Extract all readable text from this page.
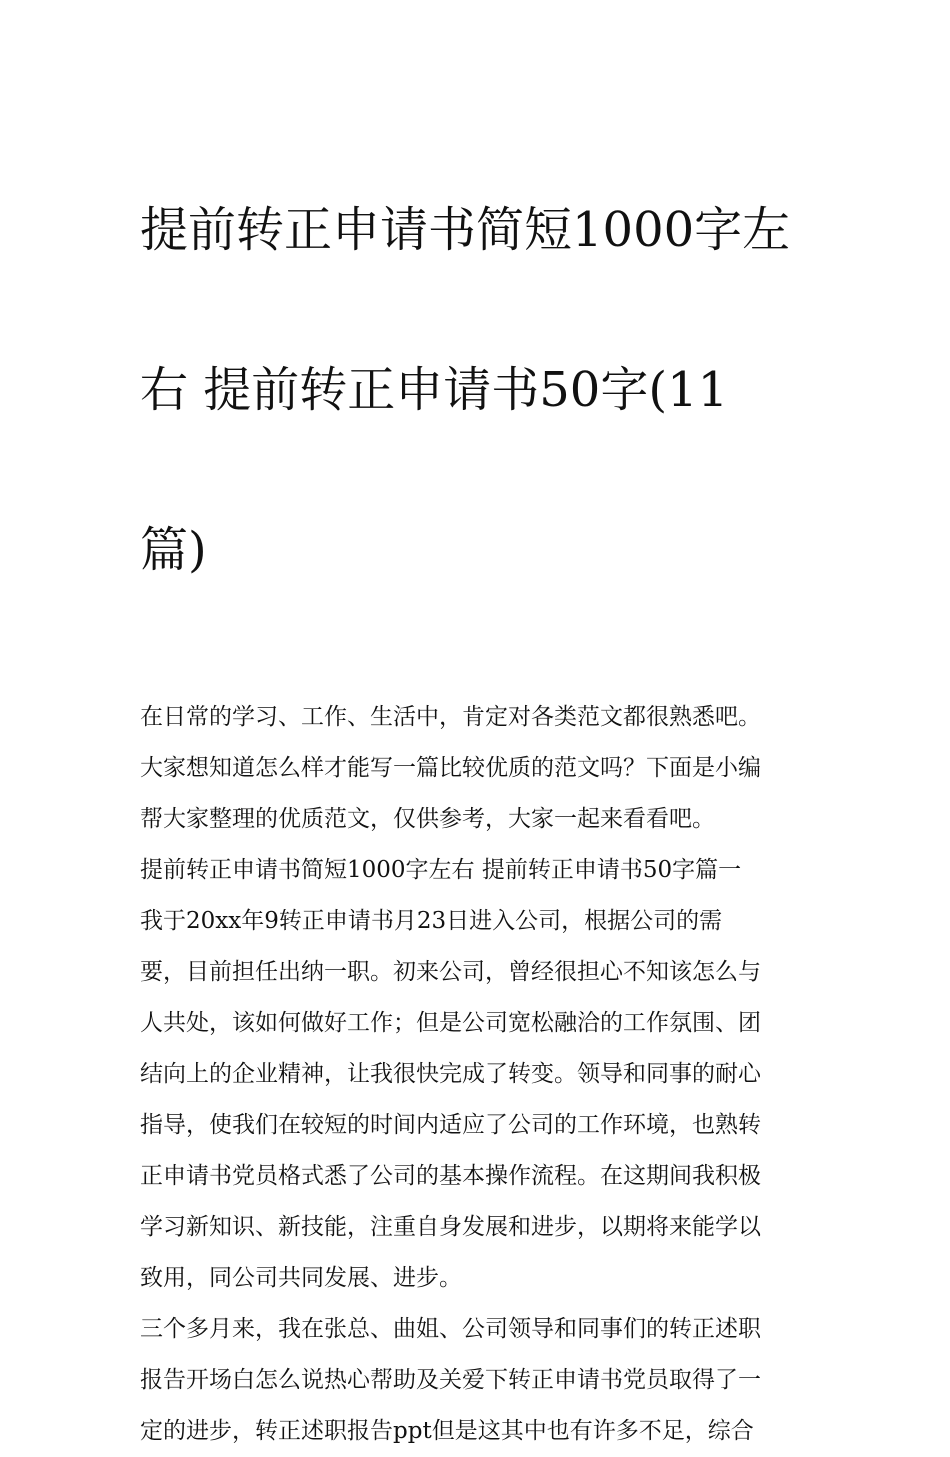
提前转正申请书简短1000字左

右 提前转正申请书50字(11

篇)

在日常的学习、工作、生活中，肯定对各类范文都很熟悉吧。
大家想知道怎么样才能写一篇比较优质的范文吗？下面是小编
帮大家整理的优质范文，仅供参考，大家一起来看看吧。

提前转正申请书简短1000字左右 提前转正申请书50字篇一

我于20xx年9转正申请书月23日进入公司，根据公司的需
要，目前担任出纳一职。初来公司，曾经很担心不知该怎么与
人共处，该如何做好工作；但是公司宽松融洽的工作氛围、团
结向上的企业精神，让我很快完成了转变。领导和同事的耐心
指导，使我们在较短的时间内适应了公司的工作环境，也熟转
正申请书党员格式悉了公司的基本操作流程。在这期间我积极
学习新知识、新技能，注重自身发展和进步，以期将来能学以
致用，同公司共同发展、进步。

三个多月来，我在张总、曲姐、公司领导和同事们的转正述职
报告开场白怎么说热心帮助及关爱下转正申请书党员取得了一
定的进步，转正述职报告ppt但是这其中也有许多不足，综合
